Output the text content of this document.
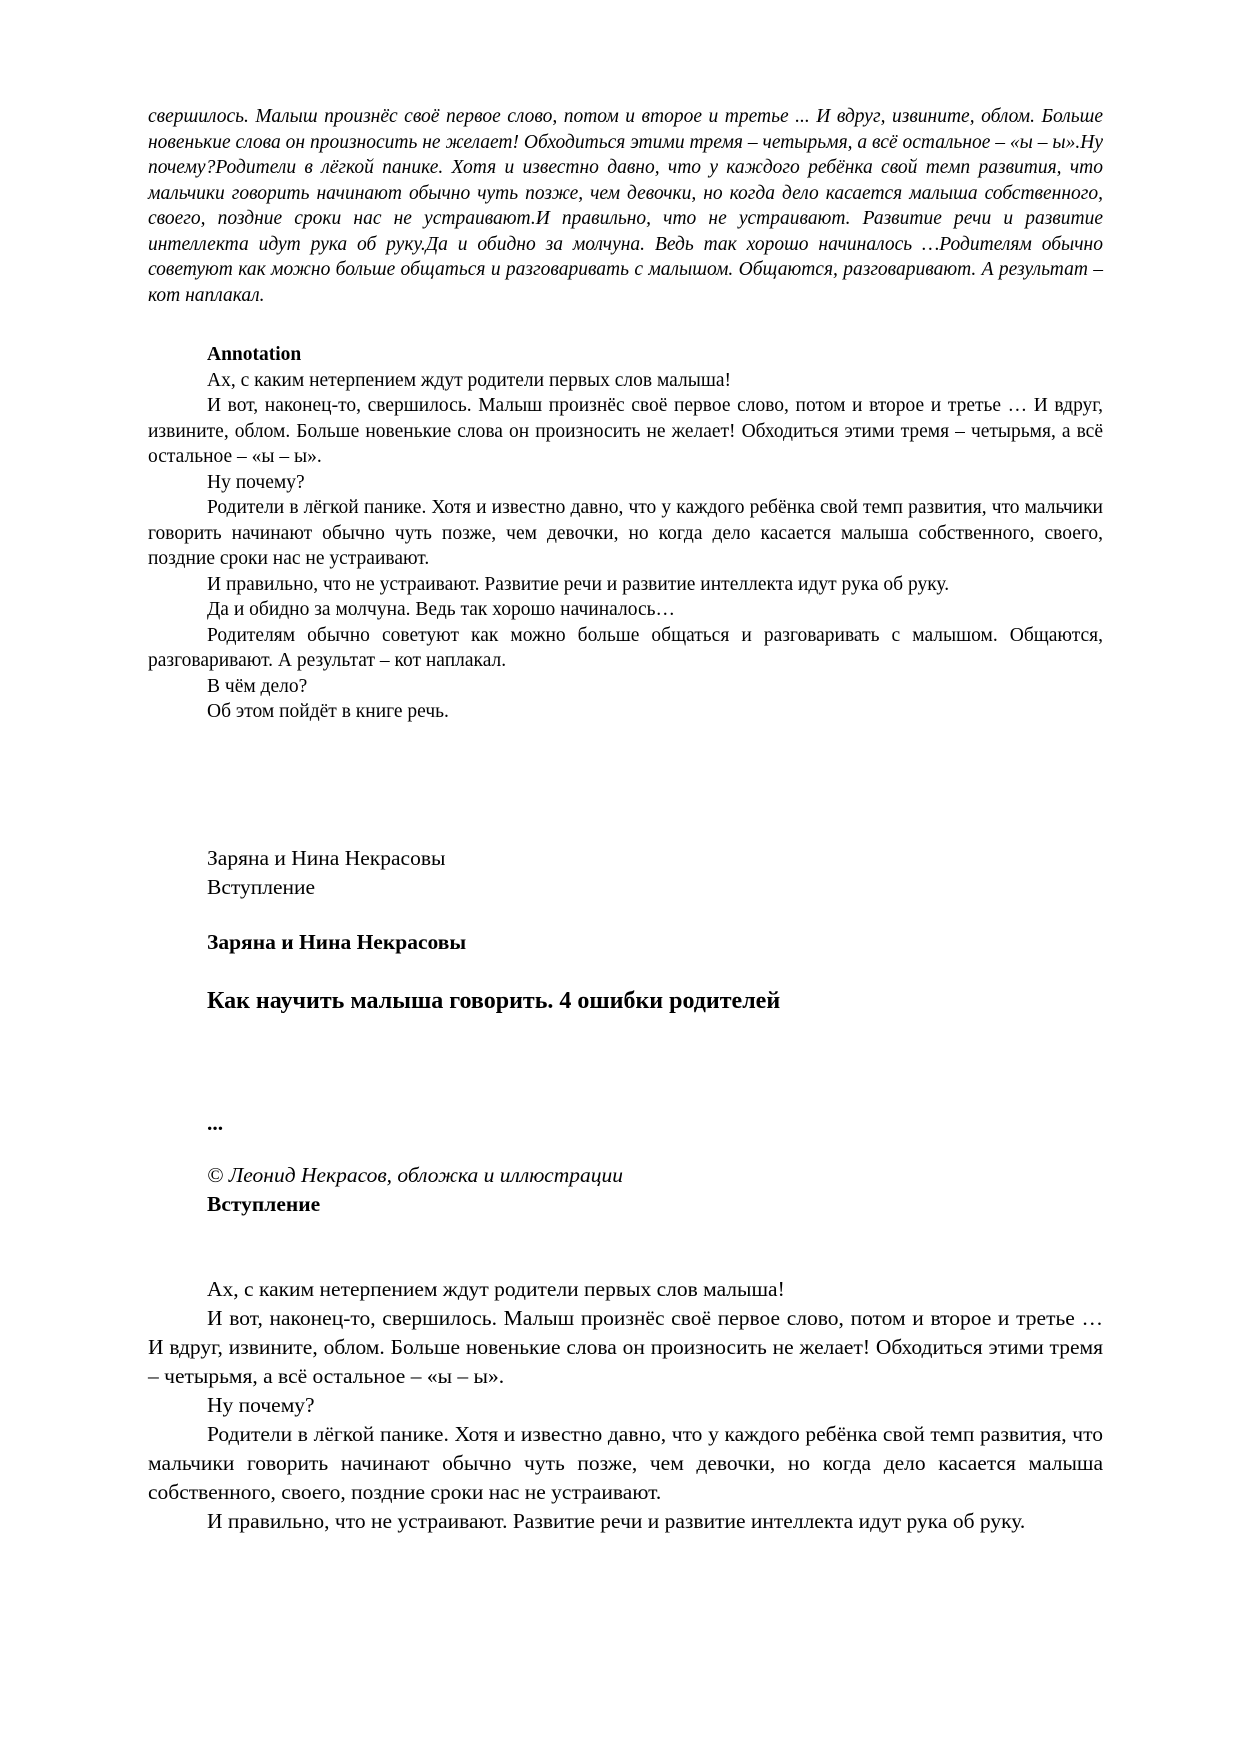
свершилось. Малыш произнёс своё первое слово, потом и второе и третье ... И вдруг, извините, облом. Больше новенькие слова он произносить не желает! Обходиться этими тремя – четырьмя, а всё остальное – «ы – ы».Ну почему?Родители в лёгкой панике. Хотя и известно давно, что у каждого ребёнка свой темп развития, что мальчики говорить начинают обычно чуть позже, чем девочки, но когда дело касается малыша собственного, своего, поздние сроки нас не устраивают.И правильно, что не устраивают. Развитие речи и развитие интеллекта идут рука об руку.Да и обидно за молчуна. Ведь так хорошо начиналось …Родителям обычно советуют как можно больше общаться и разговаривать с малышом. Общаются, разговаривают. А результат – кот наплакал.

Annotation

Ах, с каким нетерпением ждут родители первых слов малыша!

И вот, наконец-то, свершилось. Малыш произнёс своё первое слово, потом и второе и третье … И вдруг, извините, облом. Больше новенькие слова он произносить не желает! Обходиться этими тремя – четырьмя, а всё остальное – «ы – ы».

Ну почему?

Родители в лёгкой панике. Хотя и известно давно, что у каждого ребёнка свой темп развития, что мальчики говорить начинают обычно чуть позже, чем девочки, но когда дело касается малыша собственного, своего, поздние сроки нас не устраивают.

И правильно, что не устраивают. Развитие речи и развитие интеллекта идут рука об руку.

Да и обидно за молчуна. Ведь так хорошо начиналось…

Родителям обычно советуют как можно больше общаться и разговаривать с малышом. Общаются, разговаривают. А результат – кот наплакал.

В чём дело?

Об этом пойдёт в книге речь.

Заряна и Нина Некрасовы

Вступление

Заряна и Нина Некрасовы

Как научить малыша говорить. 4 ошибки родителей

...

© Леонид Некрасов, обложка и иллюстрации

Вступление

Ах, с каким нетерпением ждут родители первых слов малыша!

И вот, наконец-то, свершилось. Малыш произнёс своё первое слово, потом и второе и третье … И вдруг, извините, облом. Больше новенькие слова он произносить не желает! Обходиться этими тремя – четырьмя, а всё остальное – «ы – ы».

Ну почему?

Родители в лёгкой панике. Хотя и известно давно, что у каждого ребёнка свой темп развития, что мальчики говорить начинают обычно чуть позже, чем девочки, но когда дело касается малыша собственного, своего, поздние сроки нас не устраивают.

И правильно, что не устраивают. Развитие речи и развитие интеллекта идут рука об руку.
